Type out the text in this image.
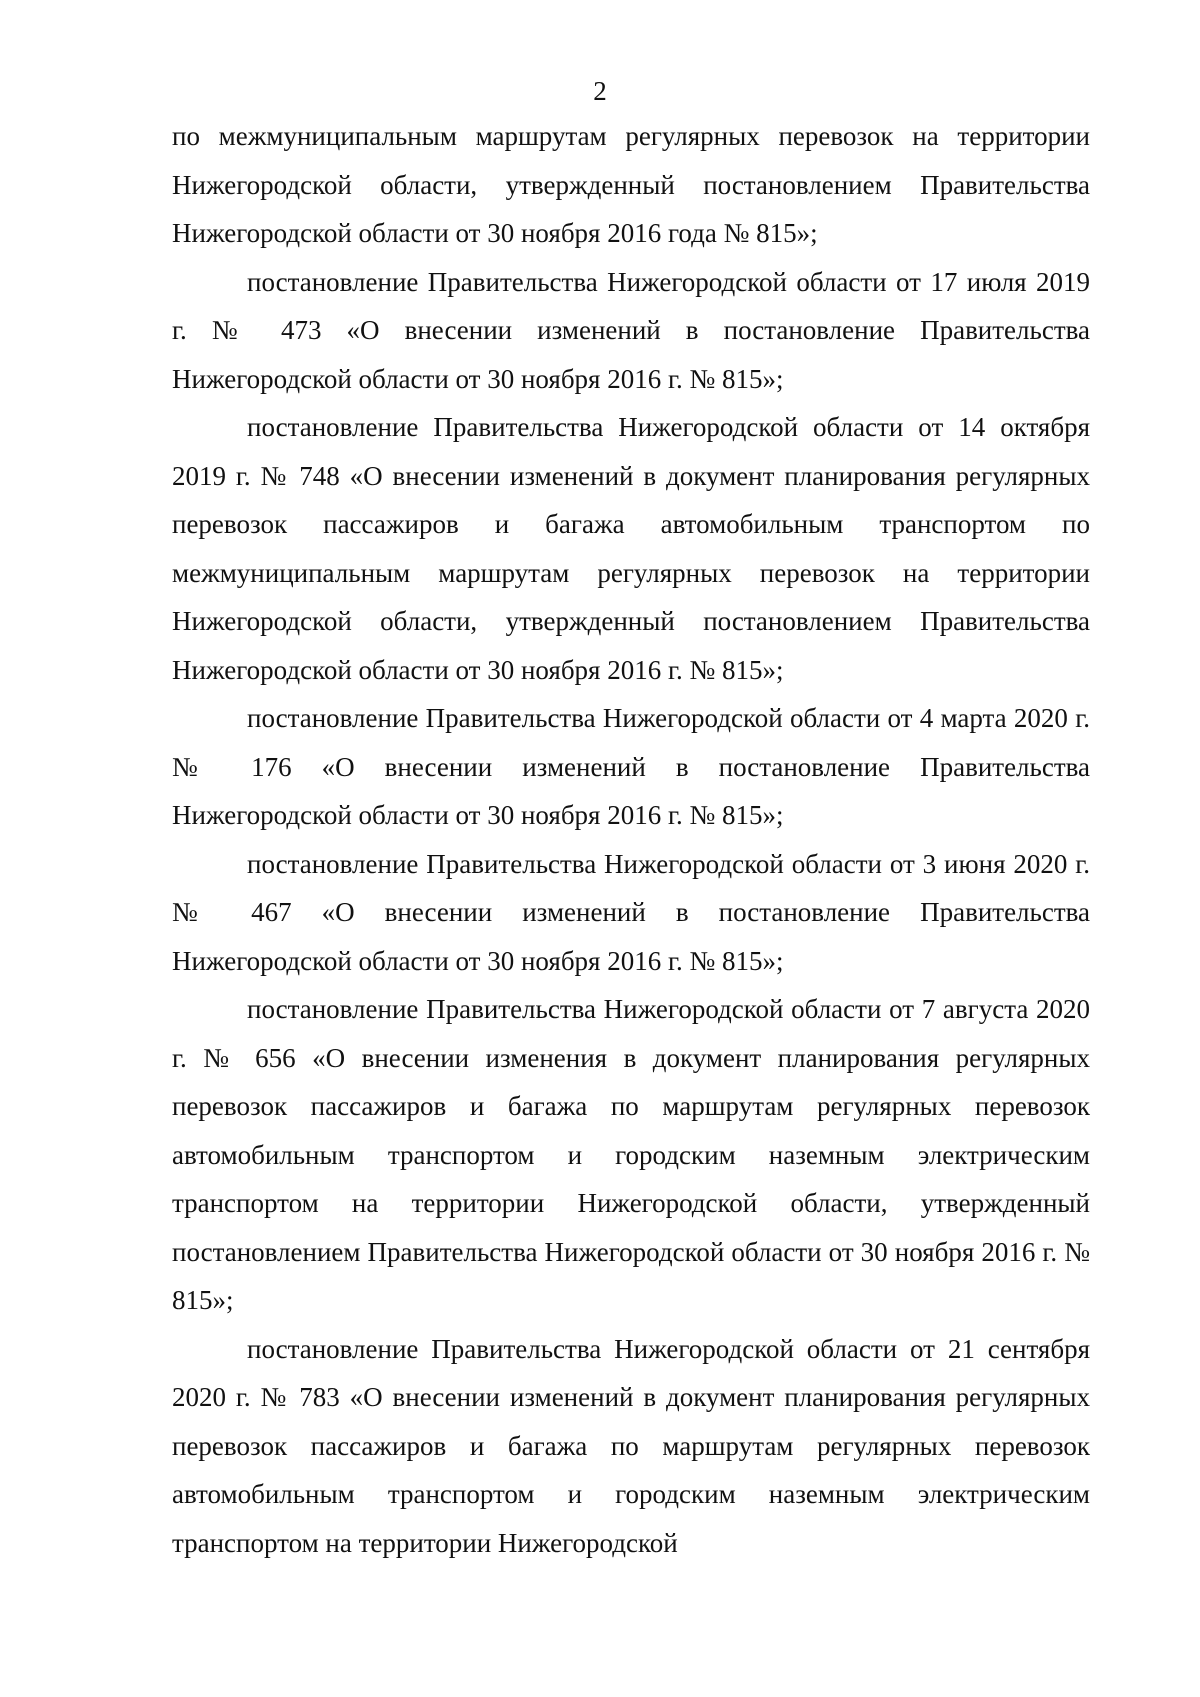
2

по межмуниципальным маршрутам регулярных перевозок на территории Нижегородской области, утвержденный постановлением Правительства Нижегородской области от 30 ноября 2016 года № 815»;

постановление Правительства Нижегородской области от 17 июля 2019 г. № 473 «О внесении изменений в постановление Правительства Нижегородской области от 30 ноября 2016 г. № 815»;

постановление Правительства Нижегородской области от 14 октября 2019 г. № 748 «О внесении изменений в документ планирования регулярных перевозок пассажиров и багажа автомобильным транспортом по межмуниципальным маршрутам регулярных перевозок на территории Нижегородской области, утвержденный постановлением Правительства Нижегородской области от 30 ноября 2016 г. № 815»;

постановление Правительства Нижегородской области от 4 марта 2020 г. № 176 «О внесении изменений в постановление Правительства Нижегородской области от 30 ноября 2016 г. № 815»;

постановление Правительства Нижегородской области от 3 июня 2020 г. № 467 «О внесении изменений в постановление Правительства Нижегородской области от 30 ноября 2016 г. № 815»;

постановление Правительства Нижегородской области от 7 августа 2020 г. № 656 «О внесении изменения в документ планирования регулярных перевозок пассажиров и багажа по маршрутам регулярных перевозок автомобильным транспортом и городским наземным электрическим транспортом на территории Нижегородской области, утвержденный постановлением Правительства Нижегородской области от 30 ноября 2016 г. № 815»;

постановление Правительства Нижегородской области от 21 сентября 2020 г. № 783 «О внесении изменений в документ планирования регулярных перевозок пассажиров и багажа по маршрутам регулярных перевозок автомобильным транспортом и городским наземным электрическим транспортом на территории Нижегородской
